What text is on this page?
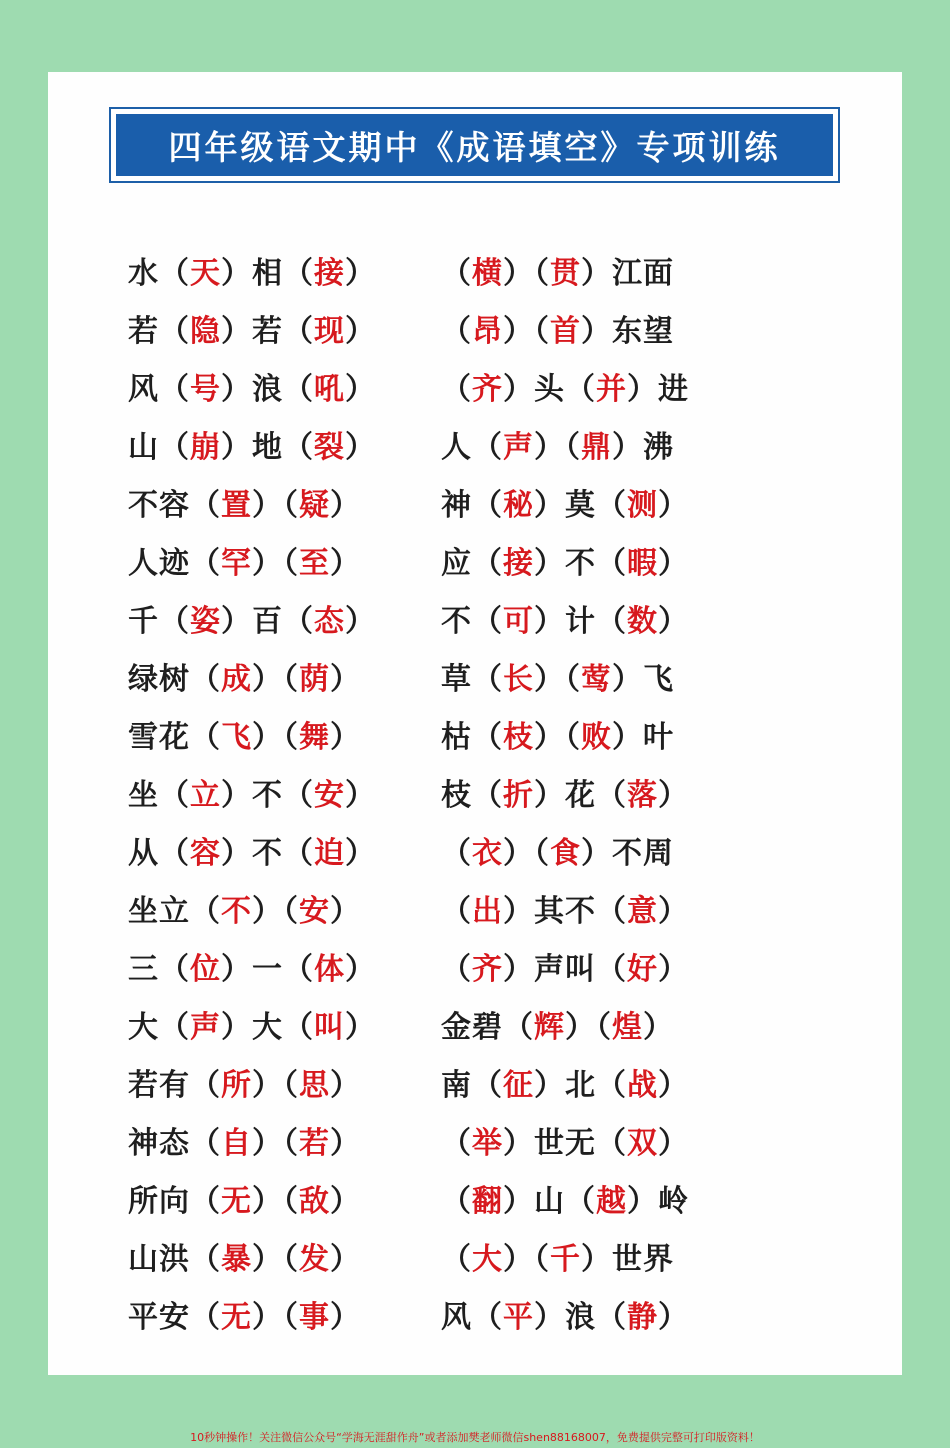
四年级语文期中《成语填空》专项训练
水（天）相（接） （横）（贯）江面
若（隐）若（现） （昂）（首）东望
风（号）浪（吼） （齐）头（并）进
山（崩）地（裂） 人（声）（鼎）沸
不容（置）（疑）	神（秘）莫（测）
人迹（罕）（至）	应（接）不（暇）
千（姿）百（态） 不（可）计（数）
绿树（成）（荫）	草（长）（莺）飞
雪花（飞）（舞）	枯（枝）（败）叶
坐（立）不（安） 枝（折）花（落）
从（容）不（迫） （衣）（食）不周
坐立（不）（安）	（出）其不（意）
三（位）一（体） （齐）声叫（好）
大（声）大（叫） 金碧（辉）（煌）
若有（所）（思）	南（征）北（战）
神态（自）（若）	（举）世无（双）
所向（无）（敌）	（翻）山（越）岭
山洪（暴）（发）	（大）（千）世界
平安（无）（事）	风（平）浪（静）
10秒钟操作！关注微信公众号“学海无涯甜作舟”或者添加樊老师微信shen88168007，免费提供完整可打印版资料！
